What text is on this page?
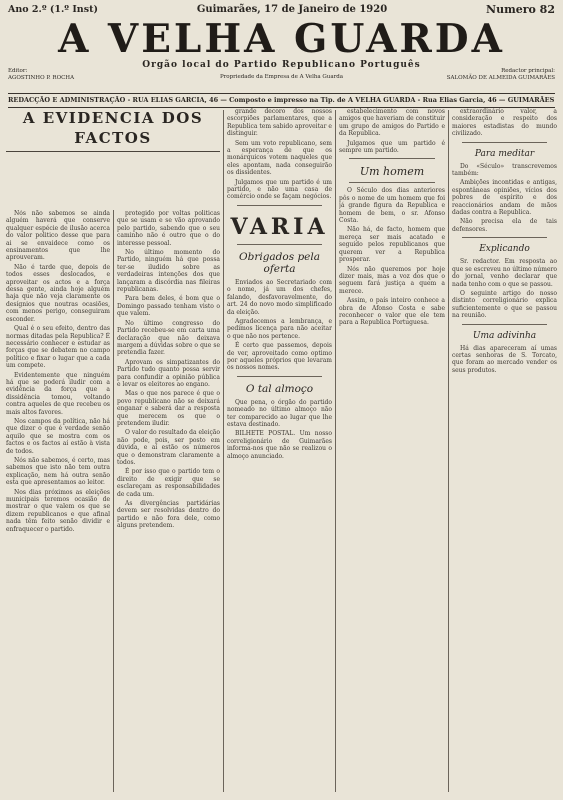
Ano 2.º (1.º Inst)	Guimarães, 17 de Janeiro de 1920	Numero 82
A VELHA GUARDA
Orgão local do Partido Republicano Português
Editor:
AGOSTINHO P. ROCHA	Propriedade da Empresa de A Velha Guarda
Redactor principal:
SALOMÃO DE ALMEIDA GUIMARÃES
REDACÇÃO E ADMINISTRAÇÃO - RUA ELIAS GARCIA, 46 — Composto e impresso na Tip. de A VELHA GUARDA - Rua Elias Garcia, 46 — GUIMARÃES
A EVIDENCIA DOS FACTOS

Nós não sabemos se ainda alguém haverá que conserve qualquer espécie de ilusão acerca do valor politico desse que para ai se envaidece como os ensinamentos que lhe aprouveram.

Não é tarde que, depois de todos esses deslocados, e aproveitar os actos e a força dessa gente, ainda hoje alguém haja que não veja claramente os desígnios que noutras ocasiões, com menos perigo, conseguiram esconder.

Qual é o seu efeito, dentro das normas ditadas pela Republica? É necessário conhecer e estudar as forças que se debatem no campo político e fixar o lugar que a cada um compete.

Evidentemente que ninguém há que se poderá iludir com a evidência da força que a dissidência tomou, voltando contra aqueles de que recebeu os mais altos favores.

Nos campos da política, não há que dizer o que é verdade senão aquilo que se mostra com os factos e os factos aí estão à vista de todos.

Nós não sabemos, é certo, mas sabemos que isto não tem outra explicação, nem há outra senão esta que apresentamos ao leitor.

Nos dias próximos as eleições municipais teremos ocasião de mostrar o que valem os que se dizem republicanos e que afinal nada têm feito senão dividir e enfraquecer o partido.

protegido por voltas politicas que se usam e se vão aprovando pelo partido, sabendo que o seu caminho não é outro que o do interesse pessoal.

No último momento do Partido, ninguém há que possa ter-se iludido sobre as verdadeiras intenções dos que lançaram a discórdia nas fileiras republicanas.

Para bem deles, é bom que o Domingo passado tenham visto o que valem.

No último congresso do Partido recebeu-se em carta uma declaração que não deixava margem a dúvidas sobre o que se pretendia fazer.

Aprovam os simpatizantes do Partido tudo quanto possa servir para confundir a opinião pública e levar os eleitores ao engano.

Mas o que nos parece é que o povo republicano não se deixará enganar e saberá dar a resposta que merecem os que o pretendem iludir.

O valor do resultado da eleição não pode, pois, ser posto em dúvida, e aí estão os números que o demonstram claramente a todos.

É por isso que o partido tem o direito de exigir que se esclareçam as responsabilidades de cada um.

As divergências partidárias devem ser resolvidas dentro do partido e não fora dele, como alguns pretendem.

grande decoro dos nossos escorpiões parlamentares, que a Republica tem sabido aproveitar e distinguir.

Sem um voto republicano, sem a esperança de que os monárquicos votem naqueles que eles apontam, nada conseguirão os dissidentes.

Julgamos que um partido é um partido, e não uma casa de comércio onde se façam negócios.

VARIA
Obrigados pela oferta

Enviados ao Secretariado com o nome, já um dos chefes, falando, desfavoravelmente, do art. 24 do novo modo simplificado da eleição.

Agradecemos a lembrança, e pedimos licença para não aceitar o que não nos pertence.

É certo que passemos, depois de ver, aproveitado como optimo por aqueles próprios que levaram os nossos nomes.

O tal almoço

Que pena, o órgão do partido nomeado no último almoço não ter comparecido ao lugar que lhe estava destinado.

BILHETE POSTAL. Um nosso correligionário de Guimarães informa-nos que não se realizou o almoço anunciado.

estabelecimento com novos amigos que haveriam de constituir um grupo de amigos do Partido e da Republica.

Julgamos que um partido é sempre um partido.

Um homem

O Século dos dias anteriores pôs o nome de um homem que foi já grande figura da Republica e homem de bem, o sr. Afonso Costa.

Não há, de facto, homem que mereça ser mais acatado e seguido pelos republicanos que querem ver a Republica prosperar.

Nós não queremos por hoje dizer mais, mas a voz dos que o seguem fará justiça a quem a merece.

Assim, o país inteiro conhece a obra de Afonso Costa e sabe reconhecer o valor que ele tem para a Republica Portuguesa.

extraordinário valor, a consideração e respeito dos maiores estadistas do mundo civilizado.

Para meditar

Do «Século» transcrevemos também:

Ambições incontidas e antigas, espontâneas opiniões, vícios dos pobres de espírito e dos reaccionários andam de mãos dadas contra a Republica.

Não precisa ela de tais defensores.

Explicando

Sr. redactor. Em resposta ao que se escreveu no último número do jornal, venho declarar que nada tenho com o que se passou.

O seguinte artigo do nosso distinto correligionário explica suficientemente o que se passou na reunião.

Uma adivinha

Há dias apareceram aí umas certas senhoras de S. Torcato, que foram ao mercado vender os seus produtos.
